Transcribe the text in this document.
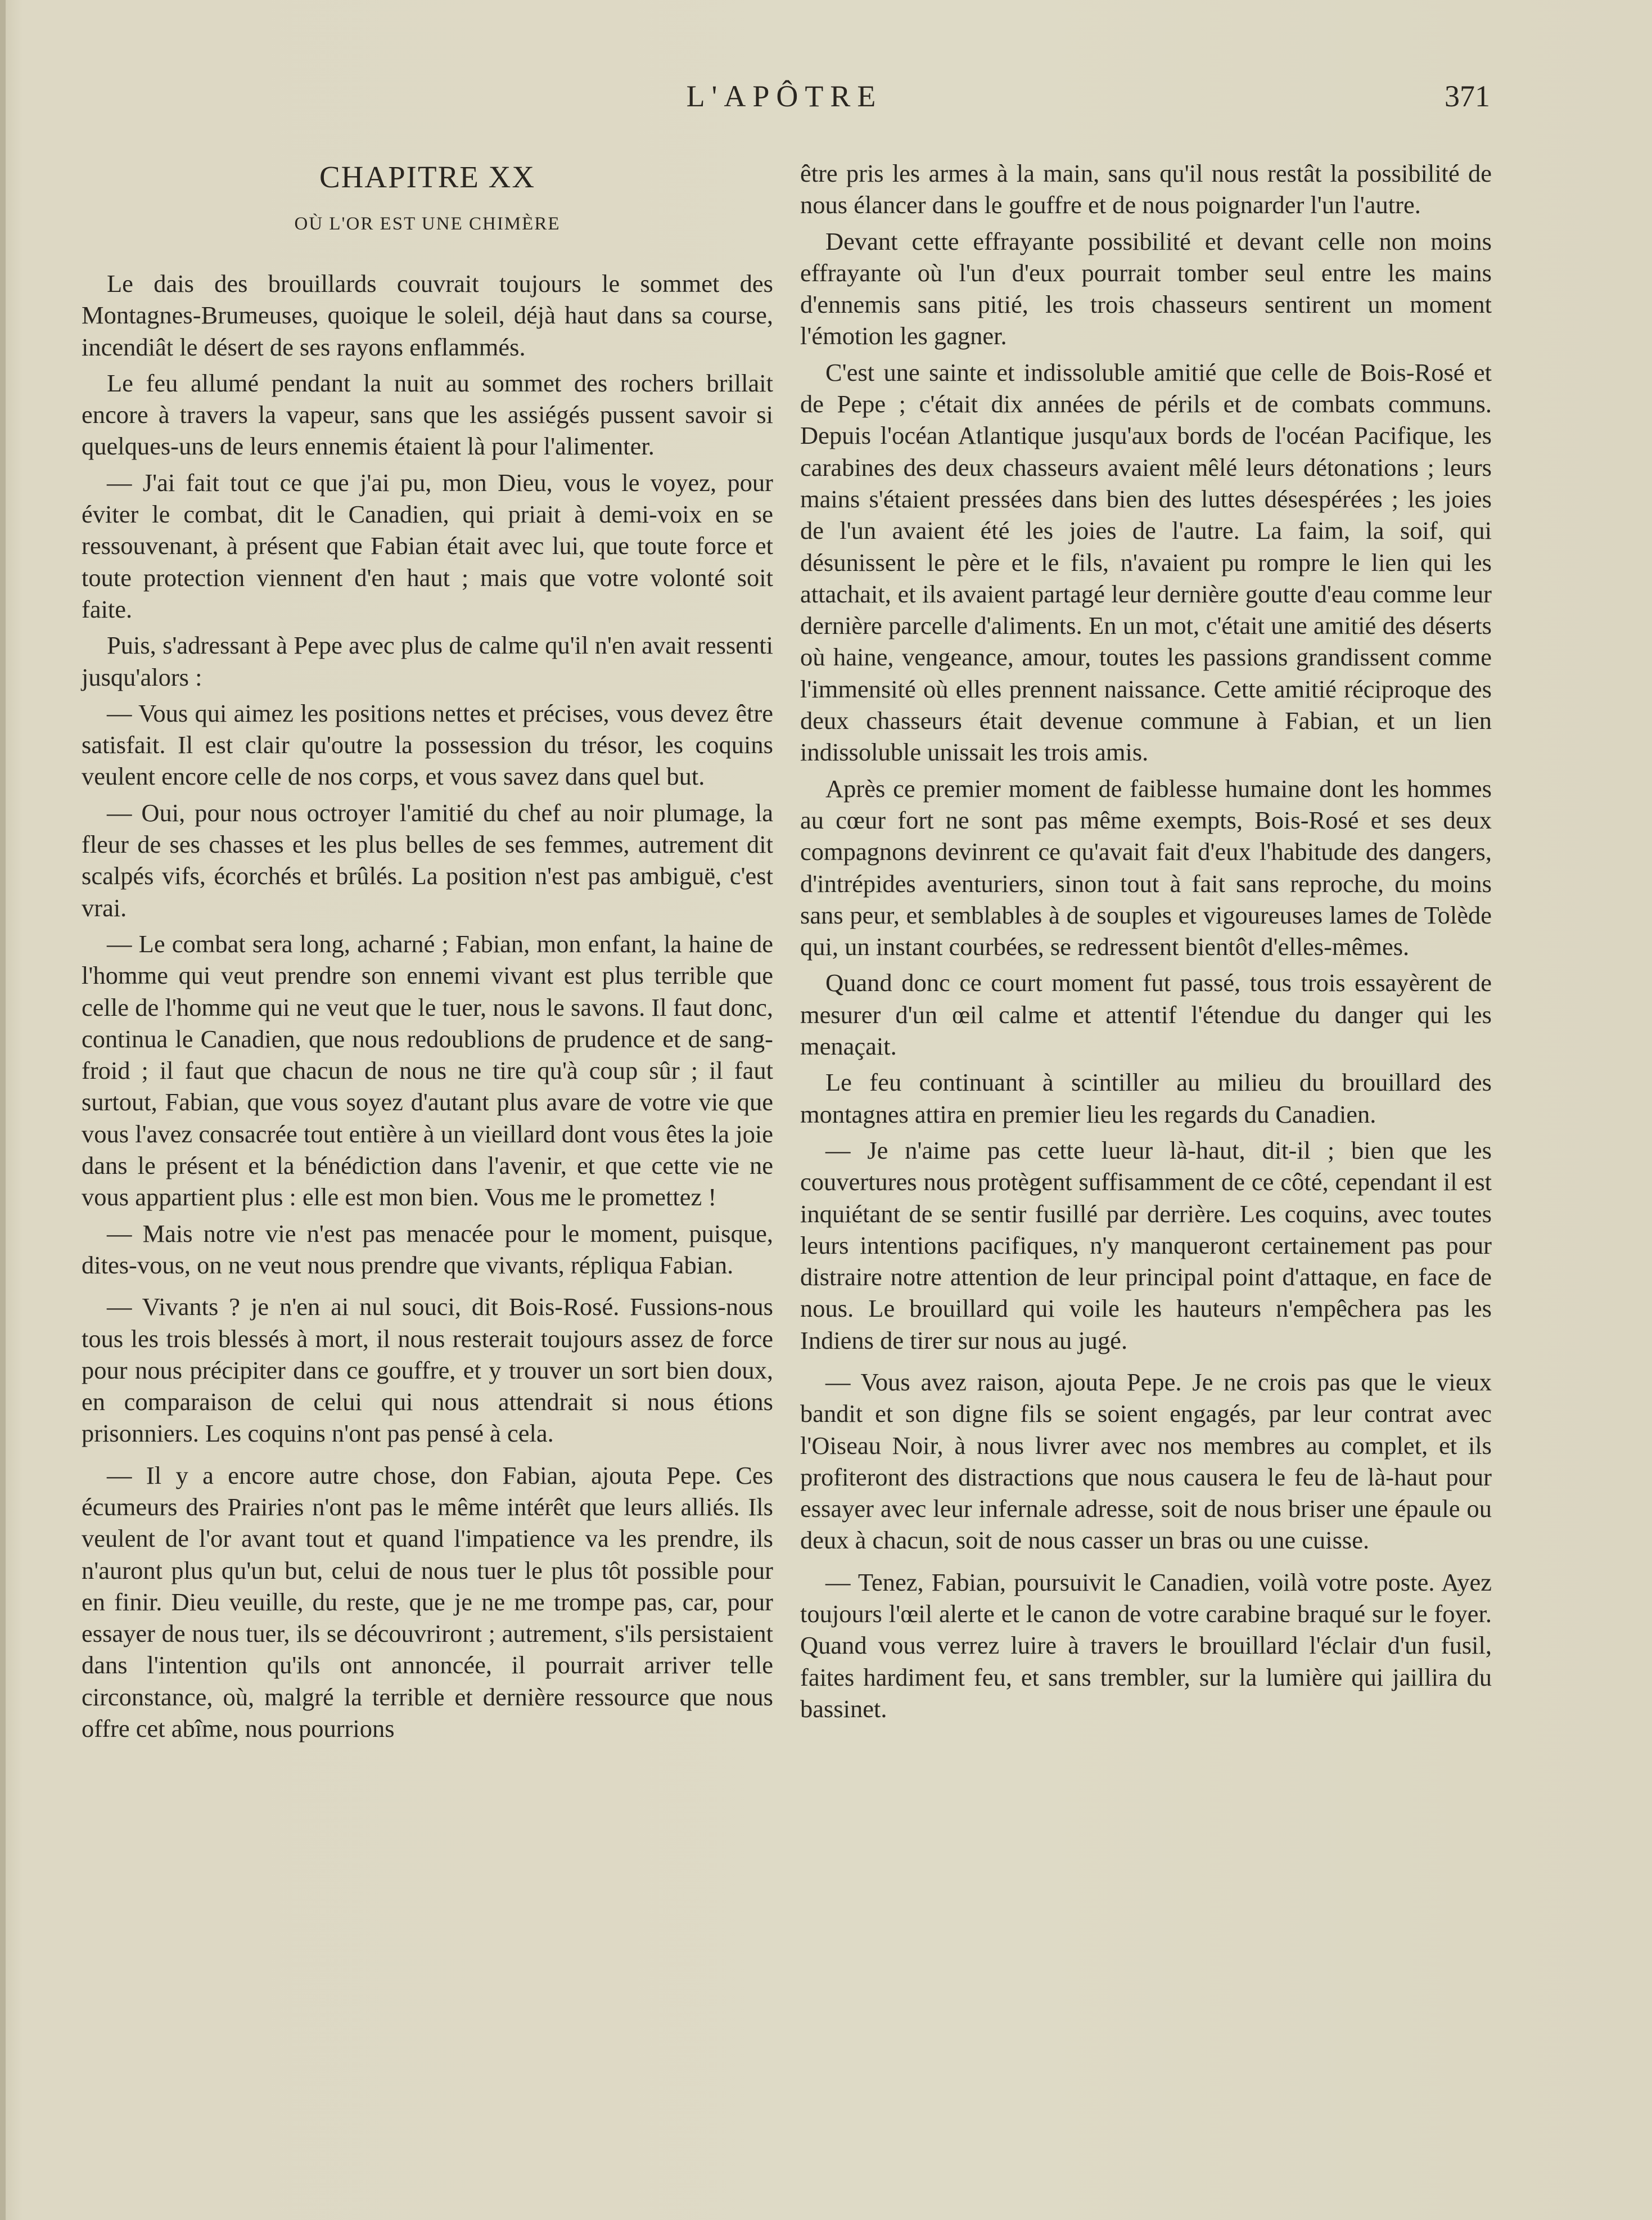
L'APÔTRE	371
CHAPITRE XX
OÙ L'OR EST UNE CHIMÈRE

Le dais des brouillards couvrait toujours le sommet des Montagnes-Brumeuses, quoique le soleil, déjà haut dans sa course, incendiât le désert de ses rayons enflammés.

Le feu allumé pendant la nuit au sommet des rochers brillait encore à travers la vapeur, sans que les assiégés pussent savoir si quelques-uns de leurs ennemis étaient là pour l'alimenter.

— J'ai fait tout ce que j'ai pu, mon Dieu, vous le voyez, pour éviter le combat, dit le Canadien, qui priait à demi-voix en se ressouvenant, à présent que Fabian était avec lui, que toute force et toute protection viennent d'en haut ; mais que votre volonté soit faite.

Puis, s'adressant à Pepe avec plus de calme qu'il n'en avait ressenti jusqu'alors :

— Vous qui aimez les positions nettes et précises, vous devez être satisfait. Il est clair qu'outre la possession du trésor, les coquins veulent encore celle de nos corps, et vous savez dans quel but.

— Oui, pour nous octroyer l'amitié du chef au noir plumage, la fleur de ses chasses et les plus belles de ses femmes, autrement dit scalpés vifs, écorchés et brûlés. La position n'est pas ambiguë, c'est vrai.

— Le combat sera long, acharné ; Fabian, mon enfant, la haine de l'homme qui veut prendre son ennemi vivant est plus terrible que celle de l'homme qui ne veut que le tuer, nous le savons. Il faut donc, continua le Canadien, que nous redoublions de prudence et de sang-froid ; il faut que chacun de nous ne tire qu'à coup sûr ; il faut surtout, Fabian, que vous soyez d'autant plus avare de votre vie que vous l'avez consacrée tout entière à un vieillard dont vous êtes la joie dans le présent et la bénédiction dans l'avenir, et que cette vie ne vous appartient plus : elle est mon bien. Vous me le promettez !

— Mais notre vie n'est pas menacée pour le moment, puisque, dites-vous, on ne veut nous prendre que vivants, répliqua Fabian.

— Vivants ? je n'en ai nul souci, dit Bois-Rosé. Fussions-nous tous les trois blessés à mort, il nous resterait toujours assez de force pour nous précipiter dans ce gouffre, et y trouver un sort bien doux, en comparaison de celui qui nous attendrait si nous étions prisonniers. Les coquins n'ont pas pensé à cela.

— Il y a encore autre chose, don Fabian, ajouta Pepe. Ces écumeurs des Prairies n'ont pas le même intérêt que leurs alliés. Ils veulent de l'or avant tout et quand l'impatience va les prendre, ils n'auront plus qu'un but, celui de nous tuer le plus tôt possible pour en finir. Dieu veuille, du reste, que je ne me trompe pas, car, pour essayer de nous tuer, ils se découvriront ; autrement, s'ils persistaient dans l'intention qu'ils ont annoncée, il pourrait arriver telle circonstance, où, malgré la terrible et dernière ressource que nous offre cet abîme, nous pourrions

être pris les armes à la main, sans qu'il nous restât la possibilité de nous élancer dans le gouffre et de nous poignarder l'un l'autre.

Devant cette effrayante possibilité et devant celle non moins effrayante où l'un d'eux pourrait tomber seul entre les mains d'ennemis sans pitié, les trois chasseurs sentirent un moment l'émotion les gagner.

C'est une sainte et indissoluble amitié que celle de Bois-Rosé et de Pepe ; c'était dix années de périls et de combats communs. Depuis l'océan Atlantique jusqu'aux bords de l'océan Pacifique, les carabines des deux chasseurs avaient mêlé leurs détonations ; leurs mains s'étaient pressées dans bien des luttes désespérées ; les joies de l'un avaient été les joies de l'autre. La faim, la soif, qui désunissent le père et le fils, n'avaient pu rompre le lien qui les attachait, et ils avaient partagé leur dernière goutte d'eau comme leur dernière parcelle d'aliments. En un mot, c'était une amitié des déserts où haine, vengeance, amour, toutes les passions grandissent comme l'immensité où elles prennent naissance. Cette amitié réciproque des deux chasseurs était devenue commune à Fabian, et un lien indissoluble unissait les trois amis.

Après ce premier moment de faiblesse humaine dont les hommes au cœur fort ne sont pas même exempts, Bois-Rosé et ses deux compagnons devinrent ce qu'avait fait d'eux l'habitude des dangers, d'intrépides aventuriers, sinon tout à fait sans reproche, du moins sans peur, et semblables à de souples et vigoureuses lames de Tolède qui, un instant courbées, se redressent bientôt d'elles-mêmes.

Quand donc ce court moment fut passé, tous trois essayèrent de mesurer d'un œil calme et attentif l'étendue du danger qui les menaçait.

Le feu continuant à scintiller au milieu du brouillard des montagnes attira en premier lieu les regards du Canadien.

— Je n'aime pas cette lueur là-haut, dit-il ; bien que les couvertures nous protègent suffisamment de ce côté, cependant il est inquiétant de se sentir fusillé par derrière. Les coquins, avec toutes leurs intentions pacifiques, n'y manqueront certainement pas pour distraire notre attention de leur principal point d'attaque, en face de nous. Le brouillard qui voile les hauteurs n'empêchera pas les Indiens de tirer sur nous au jugé.

— Vous avez raison, ajouta Pepe. Je ne crois pas que le vieux bandit et son digne fils se soient engagés, par leur contrat avec l'Oiseau Noir, à nous livrer avec nos membres au complet, et ils profiteront des distractions que nous causera le feu de là-haut pour essayer avec leur infernale adresse, soit de nous briser une épaule ou deux à chacun, soit de nous casser un bras ou une cuisse.

— Tenez, Fabian, poursuivit le Canadien, voilà votre poste. Ayez toujours l'œil alerte et le canon de votre carabine braqué sur le foyer. Quand vous verrez luire à travers le brouillard l'éclair d'un fusil, faites hardiment feu, et sans trembler, sur la lumière qui jaillira du bassinet.
